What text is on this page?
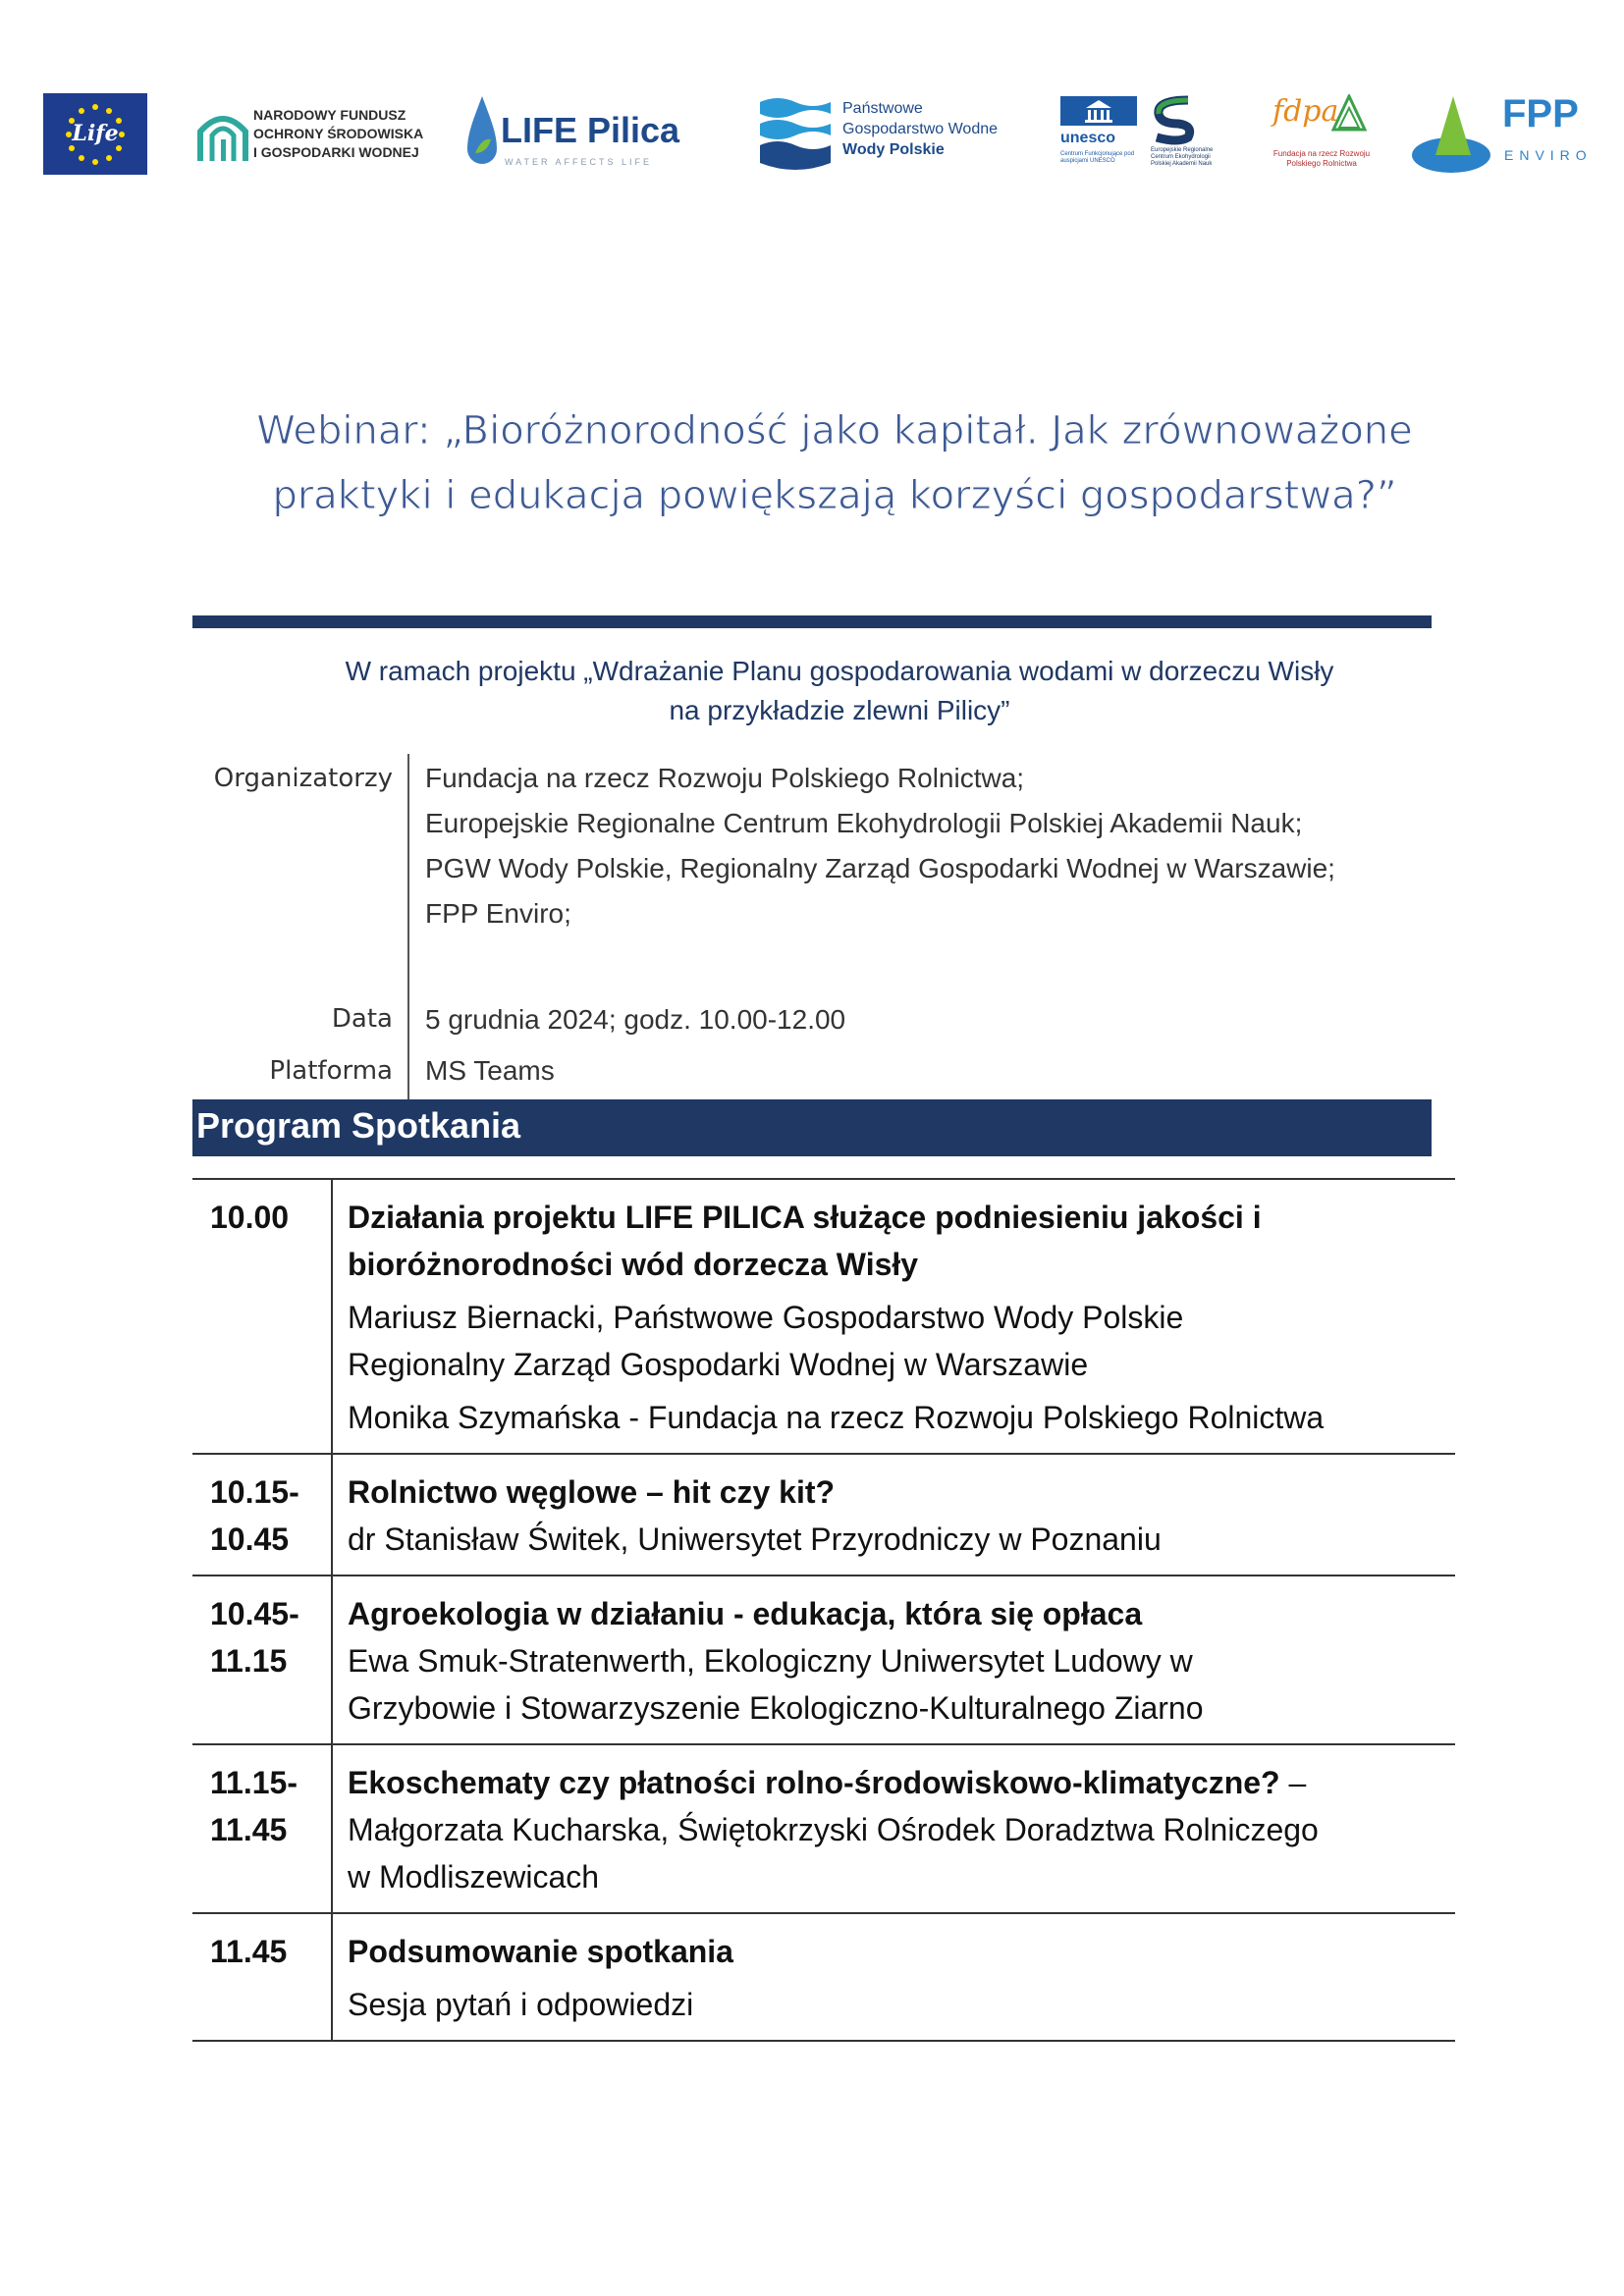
Life
NARODOWY FUNDUSZ
OCHRONY ŚRODOWISKA
I GOSPODARKI WODNEJ
LIFE Pilica
WATER AFFECTS LIFE
Państwowe
Gospodarstwo Wodne
Wody Polskie
unesco
Centrum Funkcjonujące pod auspicjami UNESCO
Europejskie Regionalne Centrum Ekohydrologii Polskiej Akademii Nauk
fdpa
Fundacja na rzecz Rozwoju Polskiego Rolnictwa
FPP
ENVIRO
Webinar: „Bioróżnorodność jako kapitał. Jak zrównoważone
praktyki i edukacja powiększają korzyści gospodarstwa?”
W ramach projektu „Wdrażanie Planu gospodarowania wodami w dorzeczu Wisły
na przykładzie zlewni Pilicy”
Organizatorzy Fundacja na rzecz Rozwoju Polskiego Rolnictwa;
Europejskie Regionalne Centrum Ekohydrologii Polskiej Akademii Nauk;
PGW Wody Polskie, Regionalny Zarząd Gospodarki Wodnej w Warszawie;
FPP Enviro;
Data 5 grudnia 2024; godz. 10.00-12.00
Platforma MS Teams
Program Spotkania
10.00	Działania projektu LIFE PILICA służące podniesieniu jakości i
bioróżnorodności wód dorzecza Wisły
Mariusz Biernacki, Państwowe Gospodarstwo Wody Polskie
Regionalny Zarząd Gospodarki Wodnej w Warszawie
Monika Szymańska - Fundacja na rzecz Rozwoju Polskiego Rolnictwa
10.15-
10.45
Rolnictwo węglowe – hit czy kit?
dr Stanisław Świtek, Uniwersytet Przyrodniczy w Poznaniu
10.45-
11.15
Agroekologia w działaniu - edukacja, która się opłaca
Ewa Smuk-Stratenwerth, Ekologiczny Uniwersytet Ludowy w
Grzybowie i Stowarzyszenie Ekologiczno-Kulturalnego Ziarno
11.15-
11.45
Ekoschematy czy płatności rolno-środowiskowo-klimatyczne? –
Małgorzata Kucharska, Świętokrzyski Ośrodek Doradztwa Rolniczego
w Modliszewicach
11.45	Podsumowanie spotkania
Sesja pytań i odpowiedzi
